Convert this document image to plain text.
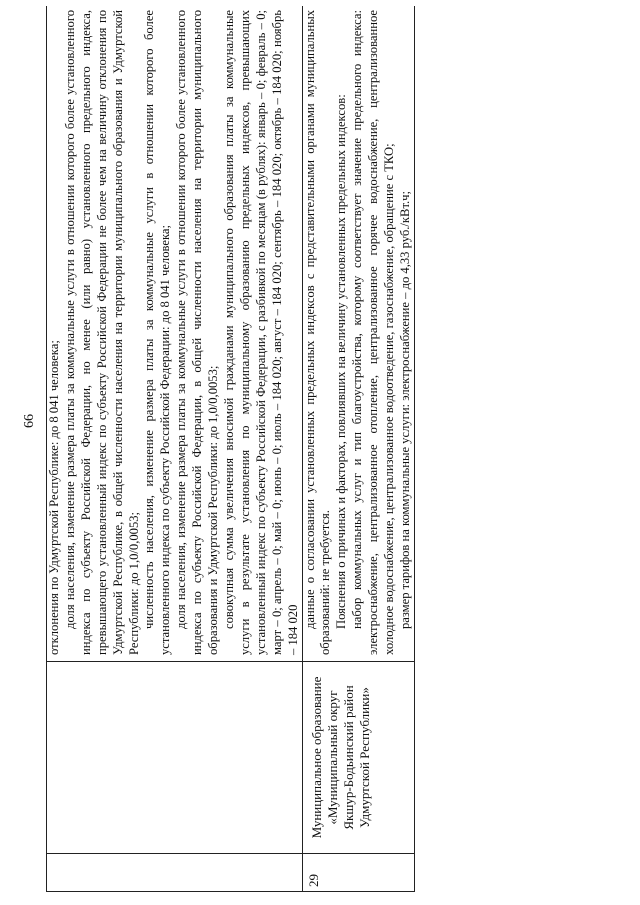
66

		отклонения по Удмуртской Республике: до 8 041 человека; доля населения, изменение размера платы за коммунальные услуги в отношении которого более установленного индекса по субъекту Российской Федерации, но менее (или равно) установленного предельного индекса, превышающего установленный индекс по субъекту Российской Федерации не более чем на величину отклонения по Удмуртской Республике, в общей численности населения на территории муниципального образования и Удмуртской Республики: до 1,0/0,0053; численность населения, изменение размера платы за коммунальные услуги в отношении которого более установленного индекса по субъекту Российской Федерации: до 8 041 человека; доля населения, изменение размера платы за коммунальные услуги в отношении которого более установленного индекса по субъекту Российской Федерации, в общей численности населения на территории муниципального образования и Удмуртской Республики: до 1,0/0,0053; совокупная сумма увеличения вносимой гражданами муниципального образования платы за коммунальные услуги в результате установления по муниципальному образованию предельных индексов, превышающих установленный индекс по субъекту Российской Федерации, с разбивкой по месяцам (в рублях): январь – 0; февраль – 0; март – 0; апрель – 0; май – 0; июнь – 0; июль – 184 020; август – 184 020; сентябрь – 184 020; октябрь – 184 020; ноябрь – 184 020

29	Муниципальное образование «Муниципальный округ Якшур-Бодьинский район Удмуртской Республики»	данные о согласовании установленных предельных индексов с представительными органами муниципальных образований: не требуется. Пояснения о причинах и факторах, повлиявших на величину установленных предельных индексов: набор коммунальных услуг и тип благоустройства, которому соответствует значение предельного индекса: электроснабжение, централизованное отопление, централизованное горячее водоснабжение, централизованное холодное водоснабжение, централизованное водоотведение, газоснабжение, обращение с ТКО; размер тарифов на коммунальные услуги: электроснабжение – до 4,33 руб./кВт.ч;
